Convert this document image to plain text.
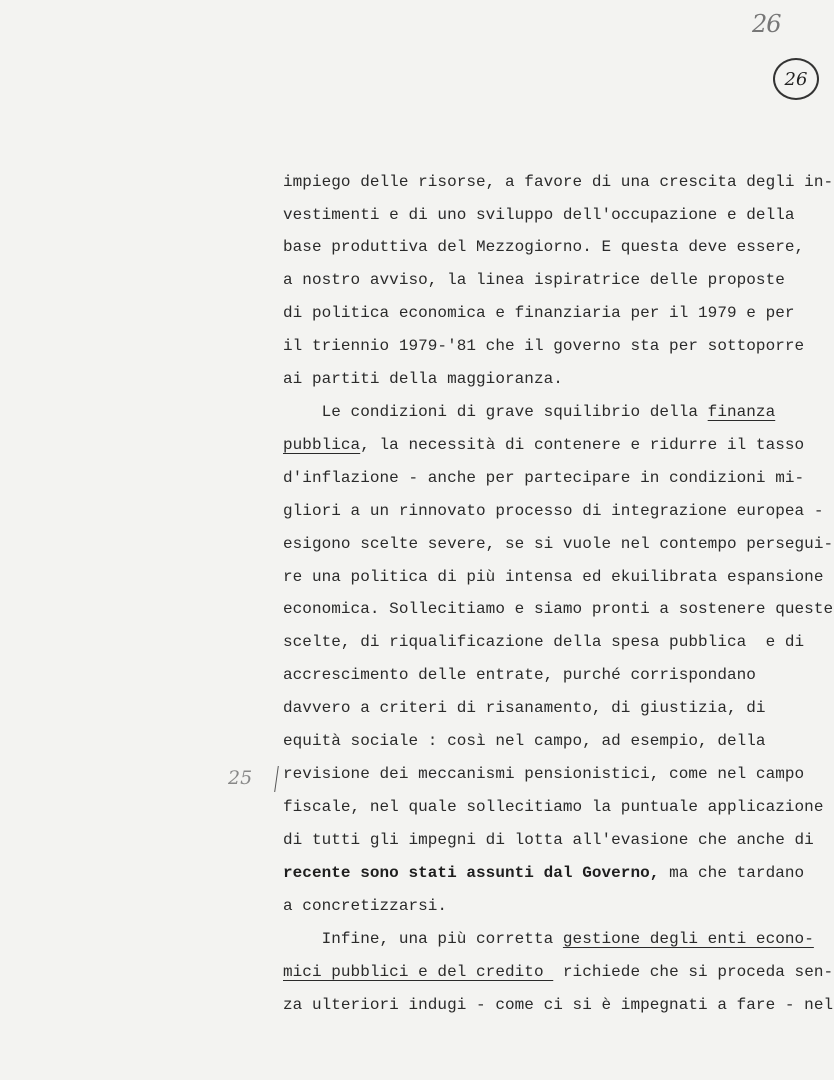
26
26
25
impiego delle risorse, a favore di una crescita degli in-
vestimenti e di uno sviluppo dell'occupazione e della
base produttiva del Mezzogiorno. E questa deve essere,
a nostro avviso, la linea ispiratrice delle proposte
di politica economica e finanziaria per il 1979 e per
il triennio 1979-'81 che il governo sta per sottoporre
ai partiti della maggioranza.
Le condizioni di grave squilibrio della finanza
pubblica, la necessità di contenere e ridurre il tasso
d'inflazione - anche per partecipare in condizioni mi-
gliori a un rinnovato processo di integrazione europea -
esigono scelte severe, se si vuole nel contempo persegui-
re una politica di più intensa ed ekuilibrata espansione
economica. Sollecitiamo e siamo pronti a sostenere queste
scelte, di riqualificazione della spesa pubblica  e di
accrescimento delle entrate, purché corrispondano
davvero a criteri di risanamento, di giustizia, di
equità sociale : così nel campo, ad esempio, della
revisione dei meccanismi pensionistici, come nel campo
fiscale, nel quale sollecitiamo la puntuale applicazione
di tutti gli impegni di lotta all'evasione che anche di
recente sono stati assunti dal Governo, ma che tardano
a concretizzarsi.
Infine, una più corretta gestione degli enti econo-
mici pubblici e del credito  richiede che si proceda sen-
za ulteriori indugi - come ci si è impegnati a fare - nel
